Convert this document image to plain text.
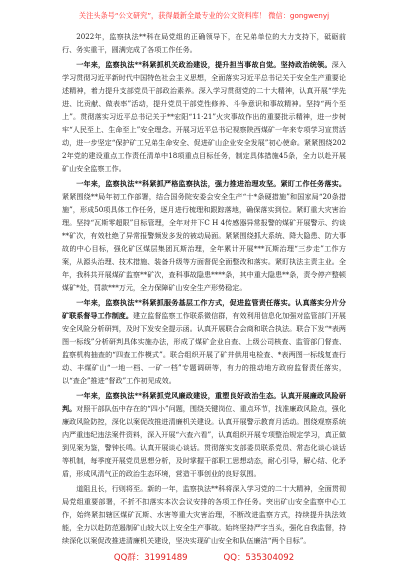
关注头条号“公文研究”，获得最新全最专业的公文资料库！ 微信：gongwenyj

2022年，监察执法**科在局党组的正确领导下，在兄弟单位的大力支持下，砥砺前行、务实重干，圆满完成了各项工作任务。

一年来，监察执法**科紧抓机关政治建设，提升担当事故自觉。坚持政治统领。深入学习贯彻习近平新时代中国特色社会主义思想，全面落实习近平总书记关于安全生产重要论述精神，着力提升支部党员干部政治素养。深入学习贯彻党的二十大精神，认真开展“学先进、比贡献、做表率”活动，提升党员干部党性修养、斗争意识和事故精神。坚持“两个至上”。贯彻落实习近平总书记关于**宏阳“11·21”火灾事故作出的重要批示精神，进一步树牢“人民至上、生命至上”安全理念。开展习近平总书记视察陕西煤矿一年来专项学习宣贯活动，进一步坚定“保护矿工兄弟生命安全、促进矿山企业安全发展”初心使命。紧紧围绕2022年党的建设重点工作责任清单中18项重点目标任务，制定具体措施45条，全力以赴开展矿山安全监察工作。

一年来，监察执法**科紧抓严格监察执法，强力推进治理攻坚。紧盯工作任务落实。紧紧围绕**局年初工作部署，结合国务院安委会安全生产“十*条硬措施”和国家局“20条措施”，形成50项具体工作任务，逐月进行梳理和跟踪落地，确保落实到位。紧盯重大灾害治理。坚持“瓦斯零超限”目标管理，全年对井下C H 4传感器异常报警的煤矿开展警示、约谈**矿次，有效杜绝了异常报警频发多发的被动局面。紧紧围绕抓大系统、降大隐患、防大事故的中心目标，强化矿区煤层集团瓦斯治理，全年累计开展***瓦斯治理“三步走”工作方案，从源头治理、技术措施、装备升级等方面督促全面整改和落实。紧盯执法主责主业。全年，我科共开展煤矿监察**矿次，查科事故隐患****条，其中重大隐患**条，责令停产整顿煤矿*处，罚款***万元，全力保障矿山安全生产形势稳定。

一年来，监察执法**科紧抓服务基层工作方式，促进监管责任落实。认真落实分片分矿联系督导工作制度。建立监督监察工作联系微信群，有效利用信息化加强对监管部门开展安全风险分析研判，及时下发安全提示函。认真开展联合会商和联合执法。联合下发“*表两图一标线”分析研判具体实施办法，形成了煤矿企业自查、上级公司核查、监管部门督查、监察机构抽查的“四查工作模式”。联合组织开展了矿井供用电检查、*表两图一标线复查行动、丰煤矿山“一地一档、一矿一档”专题调研等，有力的推动地方政府监督责任落实，以“查企”推进“督政”工作初见成效。

一年来，监察执法**科紧抓党风廉政建设，重塑良好政治生态。认真开展廉政风险研判。对照干部队伍中存在的“四小”问题，围绕关键岗位、重点环节，找准廉政风险点，强化廉政风险防控，深化以案促改推进清廉机关建设。认真开展警示教育月活动。围绕观察系统内严重违纪违法案件资料，深入开展“六查六看”，认真组织开展专项整治规定学习，真正做到见案为鉴，警钟长鸣。认真开展谈心谈话。贯彻落实支部委员联系党员、常态化谈心谈话等机制，每季度开展党员思想分析，及时掌握干部职工思想动态，耐心引导，解心结、化矛盾，形成风清气正的政治生态环境，营造干事创业的良好氛围。

道阻且长，行则将至。新的一年，监察执法**科将深入学习党的二十大精神，全面贯彻局党组重要部署，不折不扣落实本次会议安排的各项工作任务。突出矿山安全监察中心工作，始终紧扣辖区煤矿瓦斯、水害等重大灾害治理，不断改进监察方式，持续提升执法效能，全力以赴防范遏制矿山较大以上安全生产事故。始终坚持严字当头，强化自我监督，持续深化以案促改推进清廉机关建设，坚决实现矿山安全和队伍廉洁“两个目标”。

QQ群：31991489	QQ：535304092
